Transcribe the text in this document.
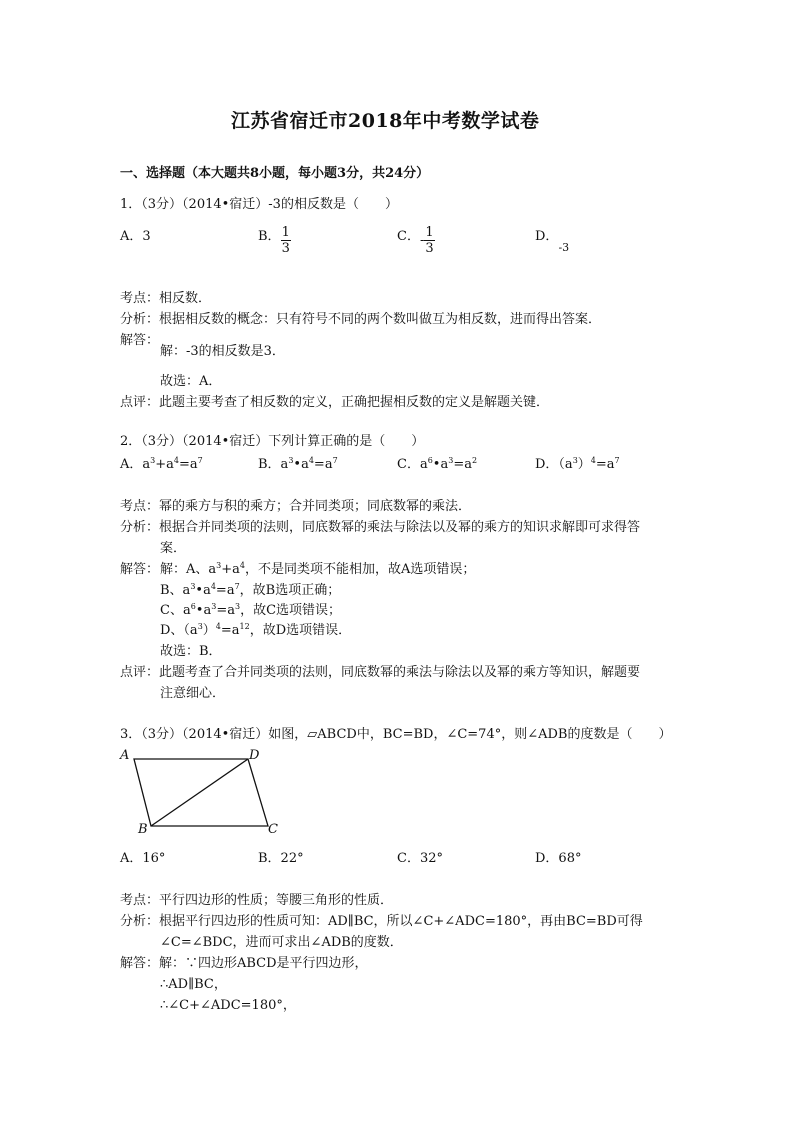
江苏省宿迁市2018年中考数学试卷
一、选择题（本大题共8小题，每小题3分，共24分）
1．（3分）（2014•宿迁）-3的相反数是（　　）
A．3	B． $\frac{1}{3}$	C．- $\frac{1}{3}$	D．$_{-3}$
考点：相反数．
分析：根据相反数的概念：只有符号不同的两个数叫做互为相反数，进而得出答案．
解答：
解：-3的相反数是3．
故选：A．
点评：此题主要考查了相反数的定义，正确把握相反数的定义是解题关键．
2．（3分）（2014•宿迁）下列计算正确的是（　　）
A．$a^3+a^4=a^7$	B．$a^3•a^4=a^7$	C．$a^6•a^3=a^2$	D．$(a^3)^4=a^7$
考点：幂的乘方与积的乘方；合并同类项；同底数幂的乘法．
分析：根据合并同类项的法则，同底数幂的乘法与除法以及幂的乘方的知识求解即可求得答
案．
解答： 解：A、$a^3+a^4$，不是同类项不能相加，故A选项错误；
B、$a^3•a^4=a^7$，故B选项正确；
C、$a^6•a^3=a^3$，故C选项错误；
D、$(a^3)^4=a^{12}$，故D选项错误．
故选：B．
点评：此题考查了合并同类项的法则，同底数幂的乘法与除法以及幂的乘方等知识，解题要
注意细心．
3．（3分）（2014•宿迁）如图，▱ABCD中，BC=BD，∠C=74°，则∠ADB的度数是（　　）
A	D
B	C
A．16°	B．22°	C．32°	D．68°
考点：平行四边形的性质；等腰三角形的性质．
分析：根据平行四边形的性质可知：AD∥BC，所以∠C+∠ADC=180°，再由BC=BD可得
∠C=∠BDC，进而可求出∠ADB的度数．
解答：解：∵四边形ABCD是平行四边形，
∴AD∥BC，
∴∠C+∠ADC=180°，
